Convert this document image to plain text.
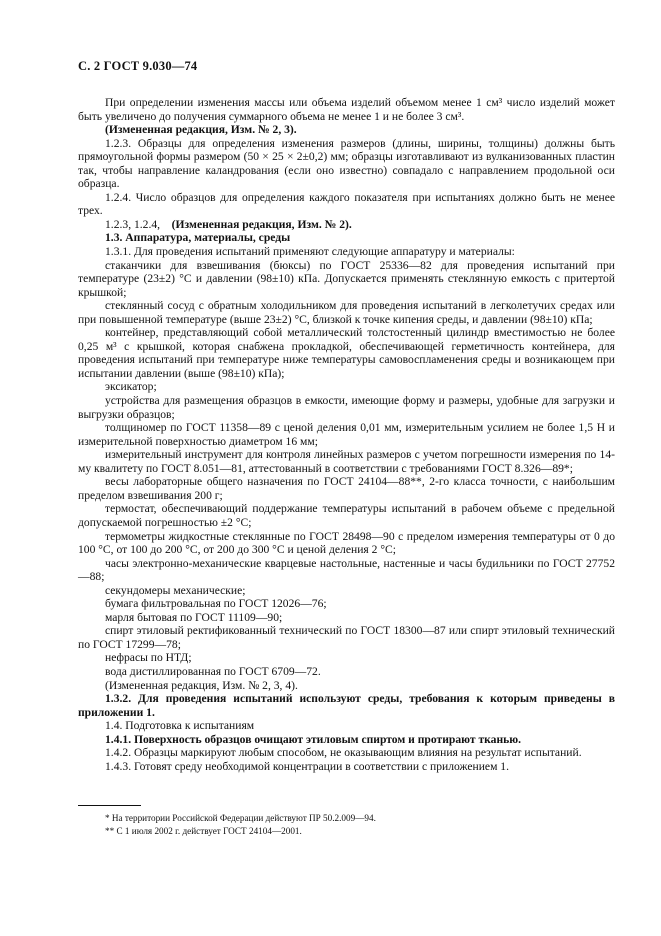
С. 2 ГОСТ 9.030—74

При определении изменения массы или объема изделий объемом менее 1 см³ число изделий может быть увеличено до получения суммарного объема не менее 1 и не более 3 см³.

(Измененная редакция, Изм. № 2, 3).

1.2.3. Образцы для определения изменения размеров (длины, ширины, толщины) должны быть прямоугольной формы размером (50 × 25 × 2±0,2) мм; образцы изготавливают из вулканизованных пластин так, чтобы направление каландрования (если оно известно) совпадало с направлением продольной оси образца.

1.2.4. Число образцов для определения каждого показателя при испытаниях должно быть не менее трех.

1.2.3, 1.2.4, (Измененная редакция, Изм. № 2).

1.3. Аппаратура, материалы, среды

1.3.1. Для проведения испытаний применяют следующие аппаратуру и материалы:

стаканчики для взвешивания (бюксы) по ГОСТ 25336—82 для проведения испытаний при температуре (23±2) °С и давлении (98±10) кПа. Допускается применять стеклянную емкость с притертой крышкой;

стеклянный сосуд с обратным холодильником для проведения испытаний в легколетучих средах или при повышенной температуре (выше 23±2) °С, близкой к точке кипения среды, и давлении (98±10) кПа;

контейнер, представляющий собой металлический толстостенный цилиндр вместимостью не более 0,25 м³ с крышкой, которая снабжена прокладкой, обеспечивающей герметичность контейнера, для проведения испытаний при температуре ниже температуры самовоспламенения среды и возникающем при испытании давлении (выше (98±10) кПа);

эксикатор;

устройства для размещения образцов в емкости, имеющие форму и размеры, удобные для загрузки и выгрузки образцов;

толщиномер по ГОСТ 11358—89 с ценой деления 0,01 мм, измерительным усилием не более 1,5 Н и измерительной поверхностью диаметром 16 мм;

измерительный инструмент для контроля линейных размеров с учетом погрешности измерения по 14-му квалитету по ГОСТ 8.051—81, аттестованный в соответствии с требованиями ГОСТ 8.326—89*;

весы лабораторные общего назначения по ГОСТ 24104—88**, 2-го класса точности, с наибольшим пределом взвешивания 200 г;

термостат, обеспечивающий поддержание температуры испытаний в рабочем объеме с предельной допускаемой погрешностью ±2 °С;

термометры жидкостные стеклянные по ГОСТ 28498—90 с пределом измерения температуры от 0 до 100 °С, от 100 до 200 °С, от 200 до 300 °С и ценой деления 2 °С;

часы электронно-механические кварцевые настольные, настенные и часы будильники по ГОСТ 27752—88;

секундомеры механические;

бумага фильтровальная по ГОСТ 12026—76;

марля бытовая по ГОСТ 11109—90;

спирт этиловый ректификованный технический по ГОСТ 18300—87 или спирт этиловый технический по ГОСТ 17299—78;

нефрасы по НТД;

вода дистиллированная по ГОСТ 6709—72.

(Измененная редакция, Изм. № 2, 3, 4).

1.3.2. Для проведения испытаний используют среды, требования к которым приведены в приложении 1.

1.4. Подготовка к испытаниям

1.4.1. Поверхность образцов очищают этиловым спиртом и протирают тканью.

1.4.2. Образцы маркируют любым способом, не оказывающим влияния на результат испытаний.

1.4.3. Готовят среду необходимой концентрации в соответствии с приложением 1.

* На территории Российской Федерации действуют ПР 50.2.009—94.
** С 1 июля 2002 г. действует ГОСТ 24104—2001.
